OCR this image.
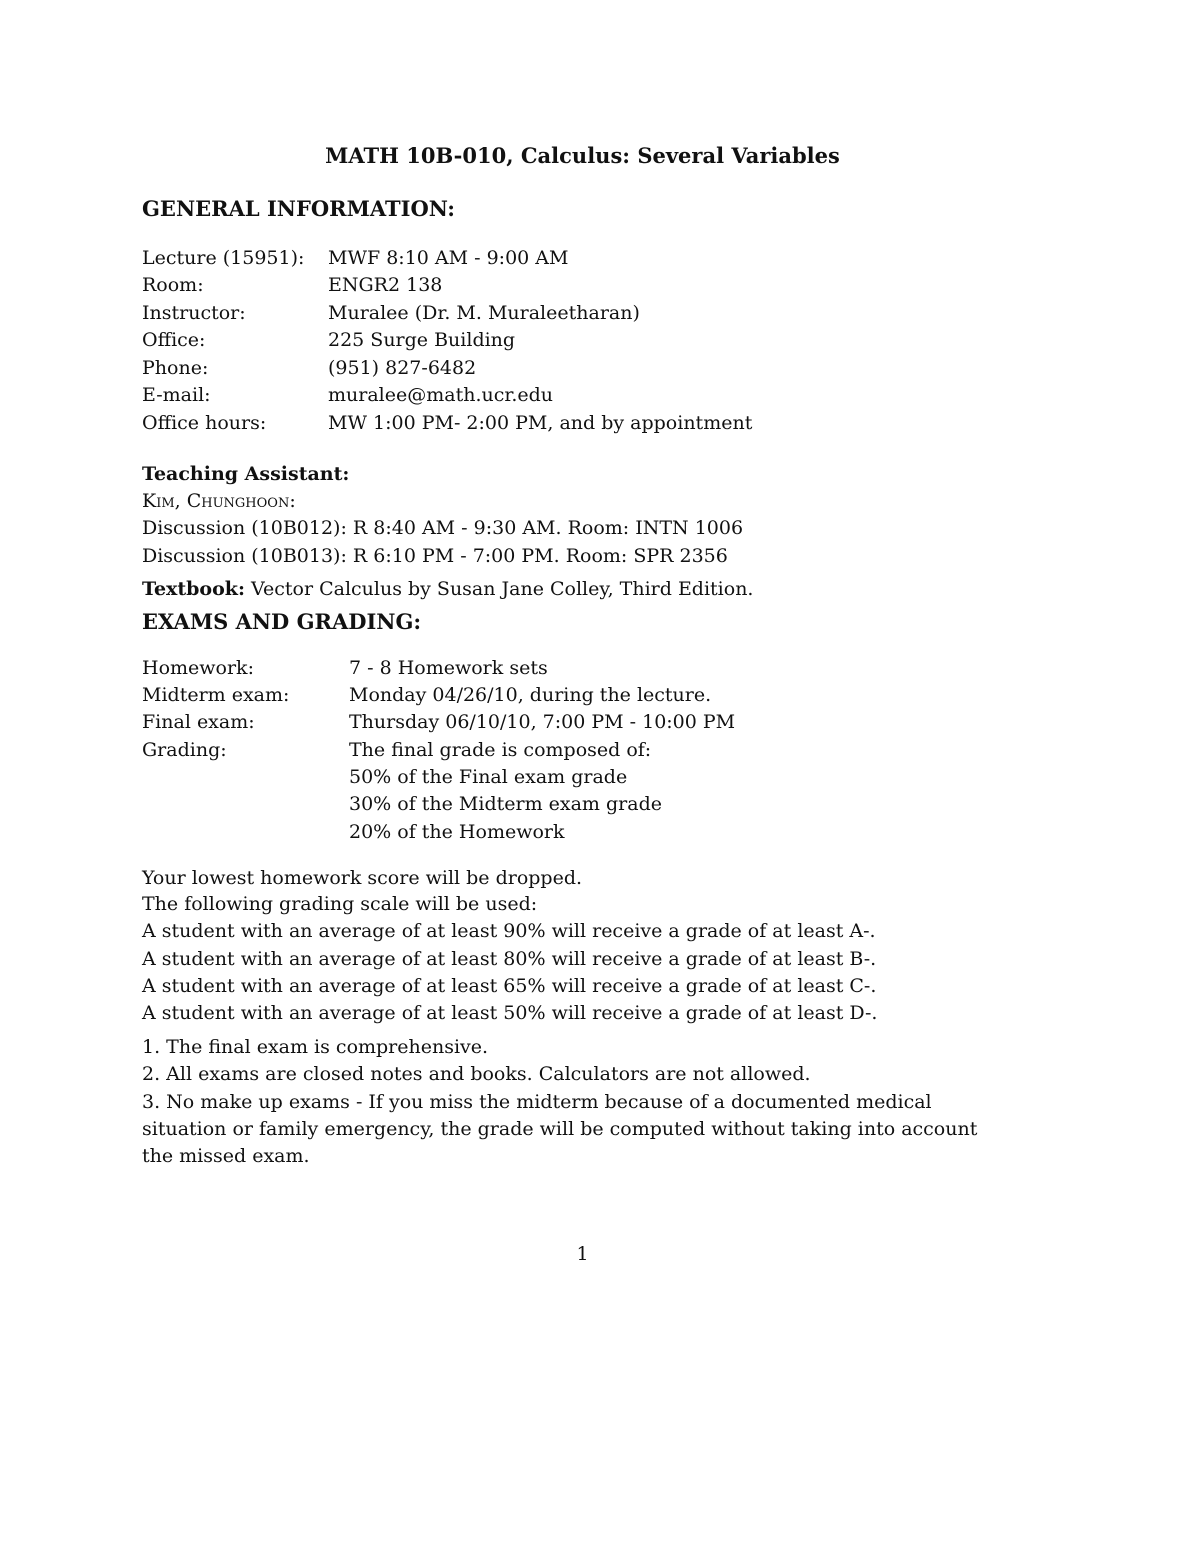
MATH 10B-010, Calculus: Several Variables
GENERAL INFORMATION:
Lecture (15951): MWF 8:10 AM - 9:00 AM
Room:	ENGR2 138
Instructor:	Muralee (Dr. M. Muraleetharan)
Office:	225 Surge Building
Phone:	(951) 827-6482
E-mail:	muralee@math.ucr.edu
Office hours:	MW 1:00 PM- 2:00 PM, and by appointment
Teaching Assistant:
Kim, Chunghoon:
Discussion (10B012): R 8:40 AM - 9:30 AM. Room: INTN 1006
Discussion (10B013): R 6:10 PM - 7:00 PM. Room: SPR 2356
Textbook: Vector Calculus by Susan Jane Colley, Third Edition.
EXAMS AND GRADING:
Homework:	7 - 8 Homework sets
Midterm exam:	Monday 04/26/10, during the lecture.
Final exam:	Thursday 06/10/10, 7:00 PM - 10:00 PM
Grading:	The final grade is composed of:
50% of the Final exam grade
30% of the Midterm exam grade
20% of the Homework
Your lowest homework score will be dropped.
The following grading scale will be used:
A student with an average of at least 90% will receive a grade of at least A-.
A student with an average of at least 80% will receive a grade of at least B-.
A student with an average of at least 65% will receive a grade of at least C-.
A student with an average of at least 50% will receive a grade of at least D-.
1. The final exam is comprehensive.
2. All exams are closed notes and books. Calculators are not allowed.
3. No make up exams - If you miss the midterm because of a documented medical
situation or family emergency, the grade will be computed without taking into account
the missed exam.
1
